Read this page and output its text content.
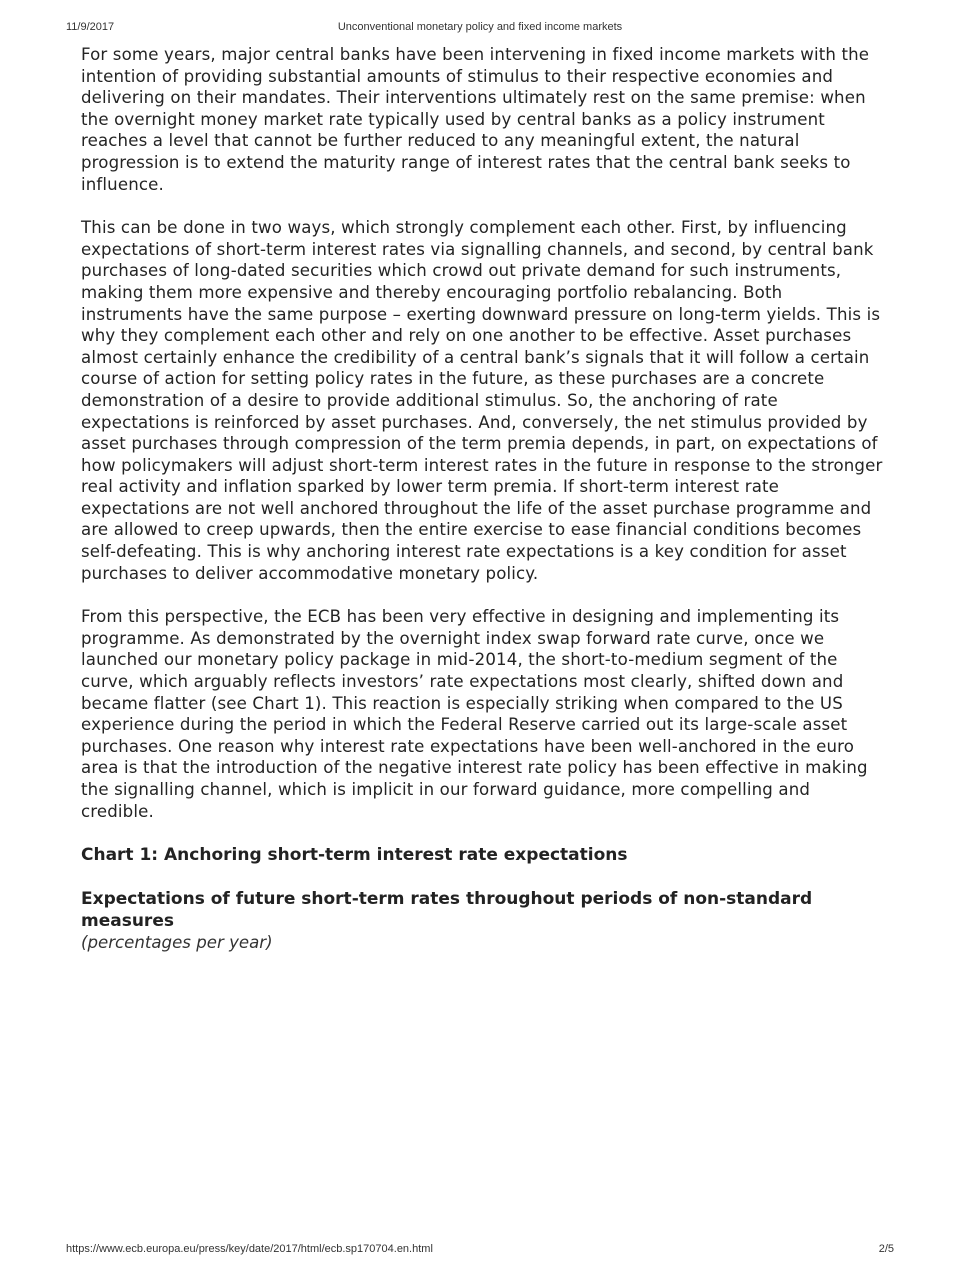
11/9/2017	Unconventional monetary policy and fixed income markets

For some years, major central banks have been intervening in fixed income markets with the intention of providing substantial amounts of stimulus to their respective economies and delivering on their mandates. Their interventions ultimately rest on the same premise: when the overnight money market rate typically used by central banks as a policy instrument reaches a level that cannot be further reduced to any meaningful extent, the natural progression is to extend the maturity range of interest rates that the central bank seeks to influence.

This can be done in two ways, which strongly complement each other. First, by influencing expectations of short-term interest rates via signalling channels, and second, by central bank purchases of long-dated securities which crowd out private demand for such instruments, making them more expensive and thereby encouraging portfolio rebalancing. Both instruments have the same purpose – exerting downward pressure on long-term yields. This is why they complement each other and rely on one another to be effective. Asset purchases almost certainly enhance the credibility of a central bank’s signals that it will follow a certain course of action for setting policy rates in the future, as these purchases are a concrete demonstration of a desire to provide additional stimulus. So, the anchoring of rate expectations is reinforced by asset purchases. And, conversely, the net stimulus provided by asset purchases through compression of the term premia depends, in part, on expectations of how policymakers will adjust short-term interest rates in the future in response to the stronger real activity and inflation sparked by lower term premia. If short-term interest rate expectations are not well anchored throughout the life of the asset purchase programme and are allowed to creep upwards, then the entire exercise to ease financial conditions becomes self-defeating. This is why anchoring interest rate expectations is a key condition for asset purchases to deliver accommodative monetary policy.

From this perspective, the ECB has been very effective in designing and implementing its programme. As demonstrated by the overnight index swap forward rate curve, once we launched our monetary policy package in mid-2014, the short-to-medium segment of the curve, which arguably reflects investors’ rate expectations most clearly, shifted down and became flatter (see Chart 1). This reaction is especially striking when compared to the US experience during the period in which the Federal Reserve carried out its large-scale asset purchases. One reason why interest rate expectations have been well-anchored in the euro area is that the introduction of the negative interest rate policy has been effective in making the signalling channel, which is implicit in our forward guidance, more compelling and credible.

Chart 1: Anchoring short-term interest rate expectations
Expectations of future short-term rates throughout periods of non-standard measures
(percentages per year)
https://www.ecb.europa.eu/press/key/date/2017/html/ecb.sp170704.en.html	2/5
